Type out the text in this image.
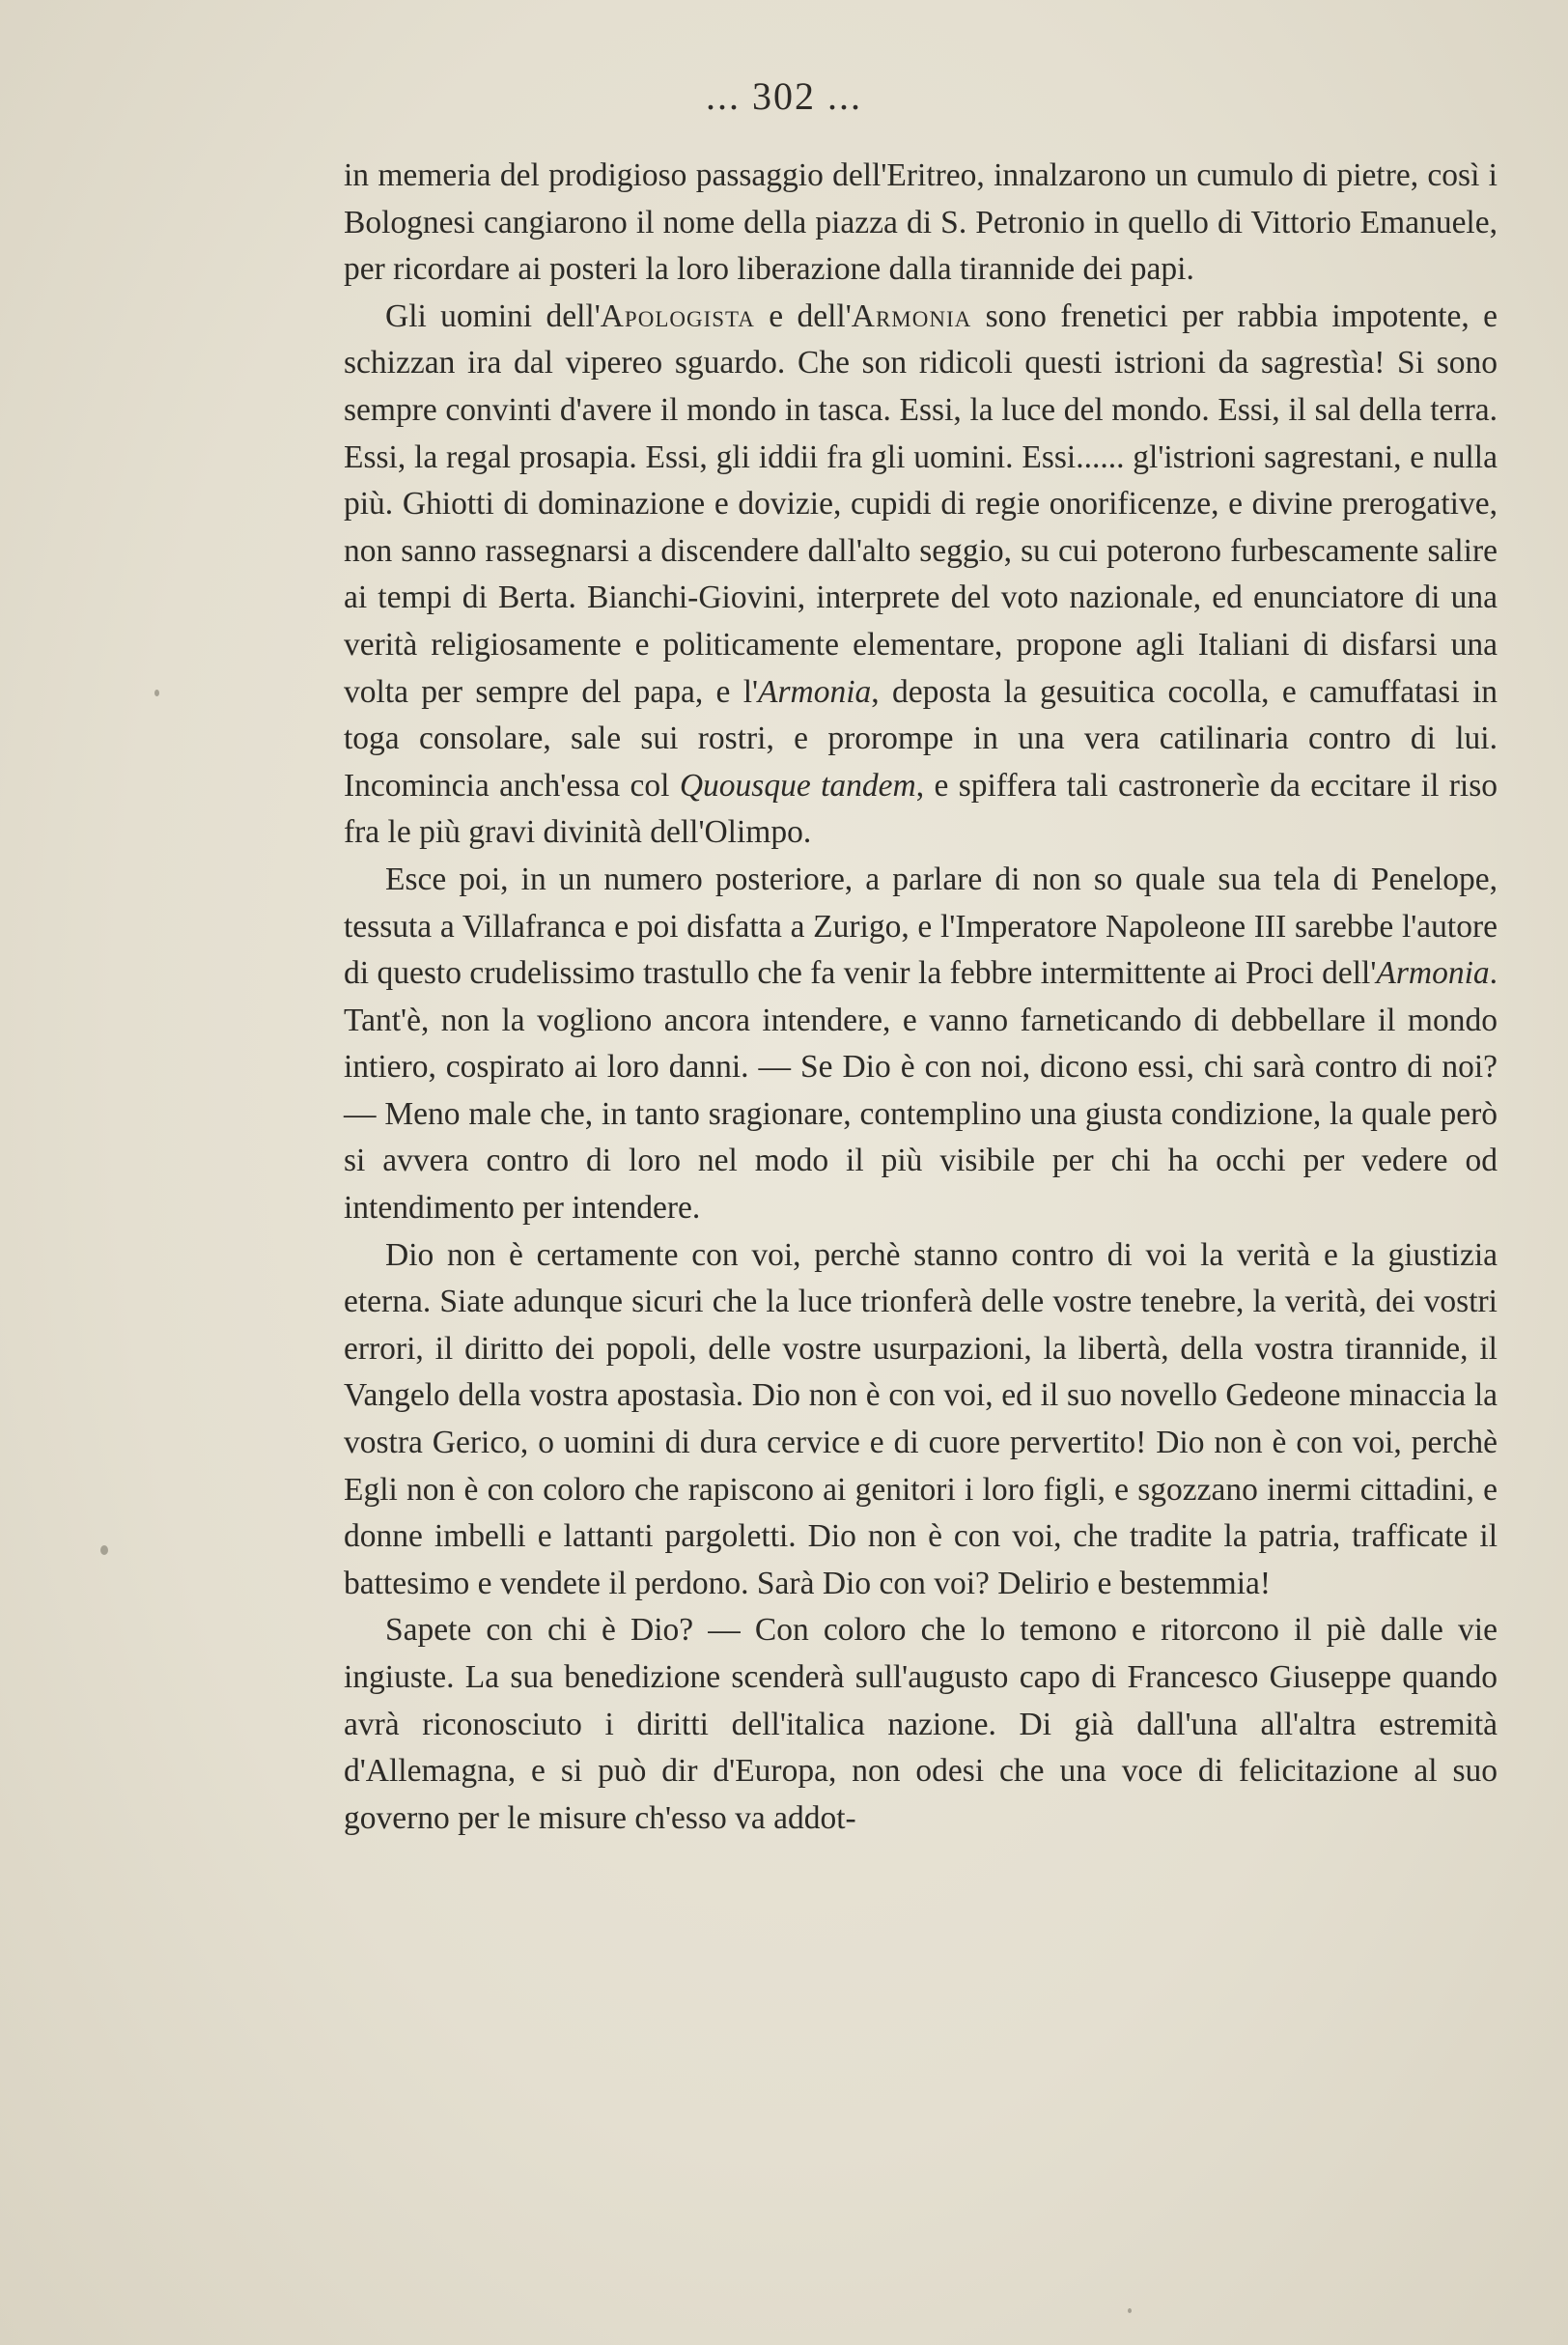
... 302 ...

in memeria del prodigioso passaggio dell'Eritreo, innalzarono un cumulo di pietre, così i Bolognesi cangiarono il nome della piazza di S. Petronio in quello di Vittorio Emanuele, per ricordare ai posteri la loro liberazione dalla tirannide dei papi.

Gli uomini dell'Apologista e dell'Armonia sono frenetici per rabbia impotente, e schizzan ira dal vipereo sguardo. Che son ridicoli questi istrioni da sagrestìa! Si sono sempre convinti d'avere il mondo in tasca. Essi, la luce del mondo. Essi, il sal della terra. Essi, la regal prosapia. Essi, gli iddii fra gli uomini. Essi...... gl'istrioni sagrestani, e nulla più. Ghiotti di dominazione e dovizie, cupidi di regie onorificenze, e divine prerogative, non sanno rassegnarsi a discendere dall'alto seggio, su cui poterono furbescamente salire ai tempi di Berta. Bianchi-Giovini, interprete del voto nazionale, ed enunciatore di una verità religiosamente e politicamente elementare, propone agli Italiani di disfarsi una volta per sempre del papa, e l'Armonia, deposta la gesuitica cocolla, e camuffatasi in toga consolare, sale sui rostri, e prorompe in una vera catilinaria contro di lui. Incomincia anch'essa col Quousque tandem, e spiffera tali castronerìe da eccitare il riso fra le più gravi divinità dell'Olimpo.

Esce poi, in un numero posteriore, a parlare di non so quale sua tela di Penelope, tessuta a Villafranca e poi disfatta a Zurigo, e l'Imperatore Napoleone III sarebbe l'autore di questo crudelissimo trastullo che fa venir la febbre intermittente ai Proci dell'Armonia. Tant'è, non la vogliono ancora intendere, e vanno farneticando di debbellare il mondo intiero, cospirato ai loro danni. — Se Dio è con noi, dicono essi, chi sarà contro di noi?— Meno male che, in tanto sragionare, contemplino una giusta condizione, la quale però si avvera contro di loro nel modo il più visibile per chi ha occhi per vedere od intendimento per intendere.

Dio non è certamente con voi, perchè stanno contro di voi la verità e la giustizia eterna. Siate adunque sicuri che la luce trionferà delle vostre tenebre, la verità, dei vostri errori, il diritto dei popoli, delle vostre usurpazioni, la libertà, della vostra tirannide, il Vangelo della vostra apostasìa. Dio non è con voi, ed il suo novello Gedeone minaccia la vostra Gerico, o uomini di dura cervice e di cuore pervertito! Dio non è con voi, perchè Egli non è con coloro che rapiscono ai genitori i loro figli, e sgozzano inermi cittadini, e donne imbelli e lattanti pargoletti. Dio non è con voi, che tradite la patria, trafficate il battesimo e vendete il perdono. Sarà Dio con voi? Delirio e bestemmia!

Sapete con chi è Dio? — Con coloro che lo temono e ritorcono il piè dalle vie ingiuste. La sua benedizione scenderà sull'augusto capo di Francesco Giuseppe quando avrà riconosciuto i diritti dell'italica nazione. Di già dall'una all'altra estremità d'Allemagna, e si può dir d'Europa, non odesi che una voce di felicitazione al suo governo per le misure ch'esso va addot-
